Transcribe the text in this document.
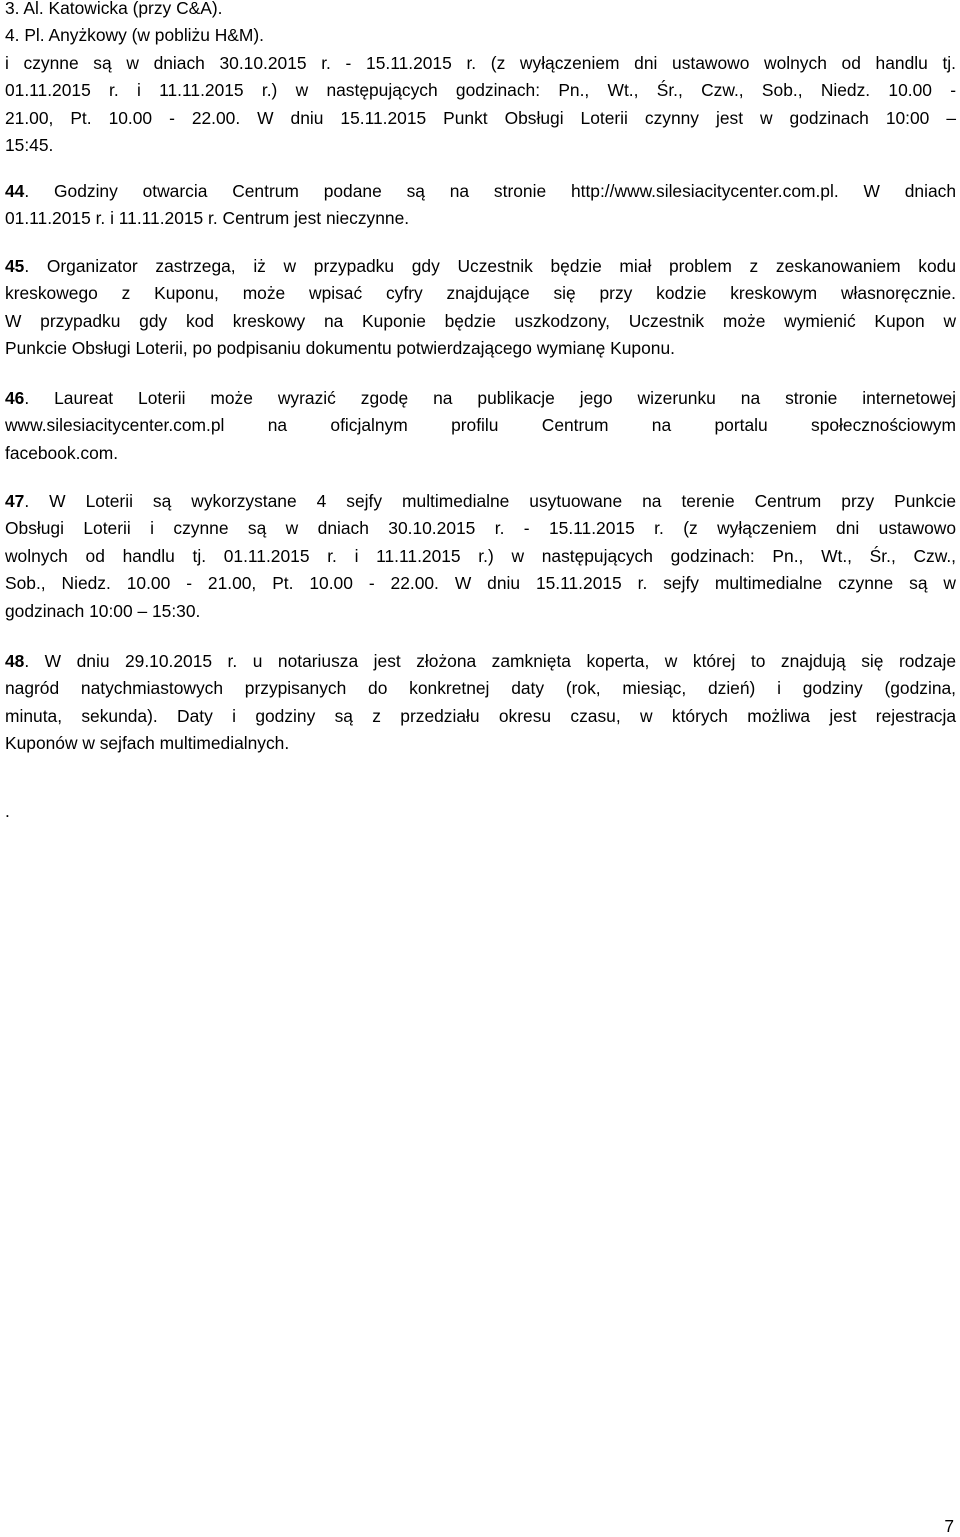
3. Al. Katowicka (przy C&A).
4. Pl. Anyżkowy (w pobliżu H&M).
i czynne są w dniach 30.10.2015 r. - 15.11.2015 r. (z wyłączeniem dni ustawowo wolnych od handlu tj.
01.11.2015 r. i 11.11.2015 r.) w następujących godzinach: Pn., Wt., Śr., Czw., Sob., Niedz. 10.00 -
21.00, Pt. 10.00 - 22.00. W dniu 15.11.2015 Punkt Obsługi Loterii czynny jest w godzinach 10:00 –
15:45.
44. Godziny otwarcia Centrum podane są na stronie http://www.silesiacitycenter.com.pl. W dniach
01.11.2015 r. i 11.11.2015 r. Centrum jest nieczynne.
45. Organizator zastrzega, iż w przypadku gdy Uczestnik będzie miał problem z zeskanowaniem kodu
kreskowego z Kuponu, może wpisać cyfry znajdujące się przy kodzie kreskowym własnoręcznie.
W przypadku gdy kod kreskowy na Kuponie będzie uszkodzony, Uczestnik może wymienić Kupon w
Punkcie Obsługi Loterii, po podpisaniu dokumentu potwierdzającego wymianę Kuponu.
46. Laureat Loterii może wyrazić zgodę na publikacje jego wizerunku na stronie internetowej
www.silesiacitycenter.com.pl na oficjalnym profilu Centrum na portalu społecznościowym
facebook.com.
47. W Loterii są wykorzystane 4 sejfy multimedialne usytuowane na terenie Centrum przy Punkcie
Obsługi Loterii i czynne są w dniach 30.10.2015 r. - 15.11.2015 r. (z wyłączeniem dni ustawowo
wolnych od handlu tj. 01.11.2015 r. i 11.11.2015 r.) w następujących godzinach: Pn., Wt., Śr., Czw.,
Sob., Niedz. 10.00 - 21.00, Pt. 10.00 - 22.00. W dniu 15.11.2015 r. sejfy multimedialne czynne są w
godzinach 10:00 – 15:30.
48. W dniu 29.10.2015 r. u notariusza jest złożona zamknięta koperta, w której to znajdują się rodzaje
nagród natychmiastowych przypisanych do konkretnej daty (rok, miesiąc, dzień) i godziny (godzina,
minuta, sekunda). Daty i godziny są z przedziału okresu czasu, w których możliwa jest rejestracja
Kuponów w sejfach multimedialnych.
.
7
